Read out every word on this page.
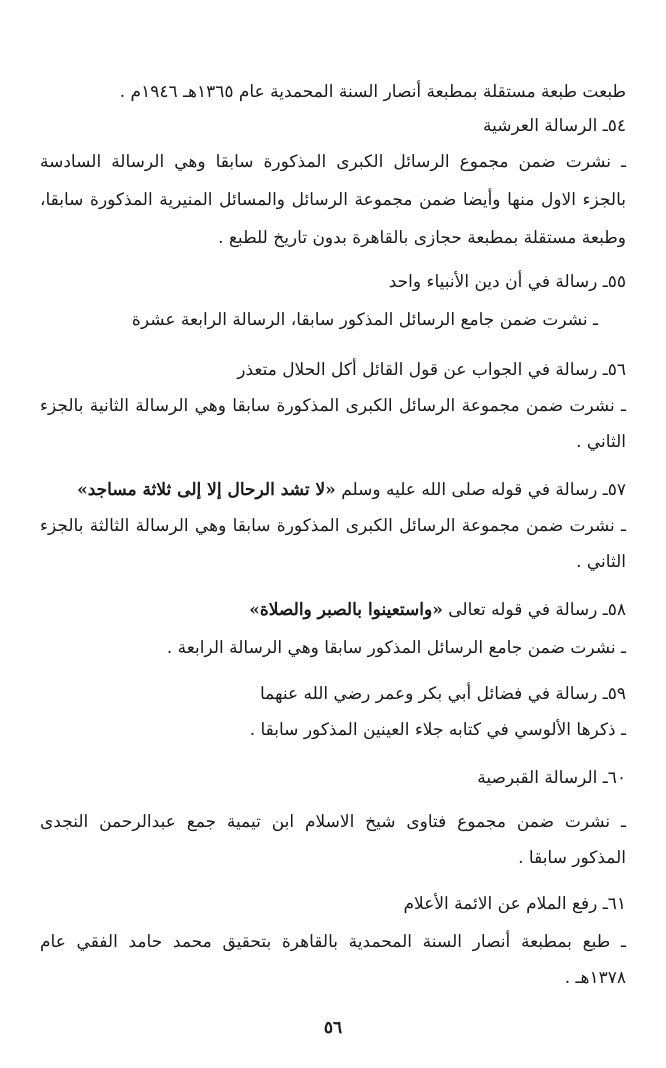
طبعت طبعة مستقلة بمطبعة أنصار السنة المحمدية عام ١٣٦٥هـ ١٩٤٦م .
٥٤ـ الرسالة العرشية
ـ نشرت ضمن مجموع الرسائل الكبرى المذكورة سابقا وهي الرسالة السادسة
بالجزء الاول منها وأيضا ضمن مجموعة الرسائل والمسائل المنيرية المذكورة سابقا،
وطبعة مستقلة بمطبعة حجازى بالقاهرة بدون تاريخ للطبع .
٥٥ـ رسالة في أن دين الأنبياء واحد
ـ نشرت ضمن جامع الرسائل المذكور سابقا، الرسالة الرابعة عشرة
٥٦ـ رسالة في الجواب عن قول القائل أكل الحلال متعذر
ـ نشرت ضمن مجموعة الرسائل الكبرى المذكورة سابقا وهي الرسالة الثانية بالجزء
الثاني .
٥٧ـ رسالة في قوله صلى الله عليه وسلم «لا تشد الرحال إلا إلى ثلاثة مساجد»
ـ نشرت ضمن مجموعة الرسائل الكبرى المذكورة سابقا وهي الرسالة الثالثة بالجزء
الثاني .
٥٨ـ رسالة في قوله تعالى «واستعينوا بالصبر والصلاة»
ـ نشرت ضمن جامع الرسائل المذكور سابقا وهي الرسالة الرابعة .
٥٩ـ رسالة في فضائل أبي بكر وعمر رضي الله عنهما
ـ ذكرها الألوسي في كتابه جلاء العينين المذكور سابقا .
٦٠ـ الرسالة القبرصية
ـ نشرت ضمن مجموع فتاوى شيخ الاسلام ابن تيمية جمع عبدالرحمن النجدى
المذكور سابقا .
٦١ـ رفع الملام عن الائمة الأعلام
ـ طبع بمطبعة أنصار السنة المحمدية بالقاهرة بتحقيق محمد حامد الفقي عام
١٣٧٨هـ .
٥٦
